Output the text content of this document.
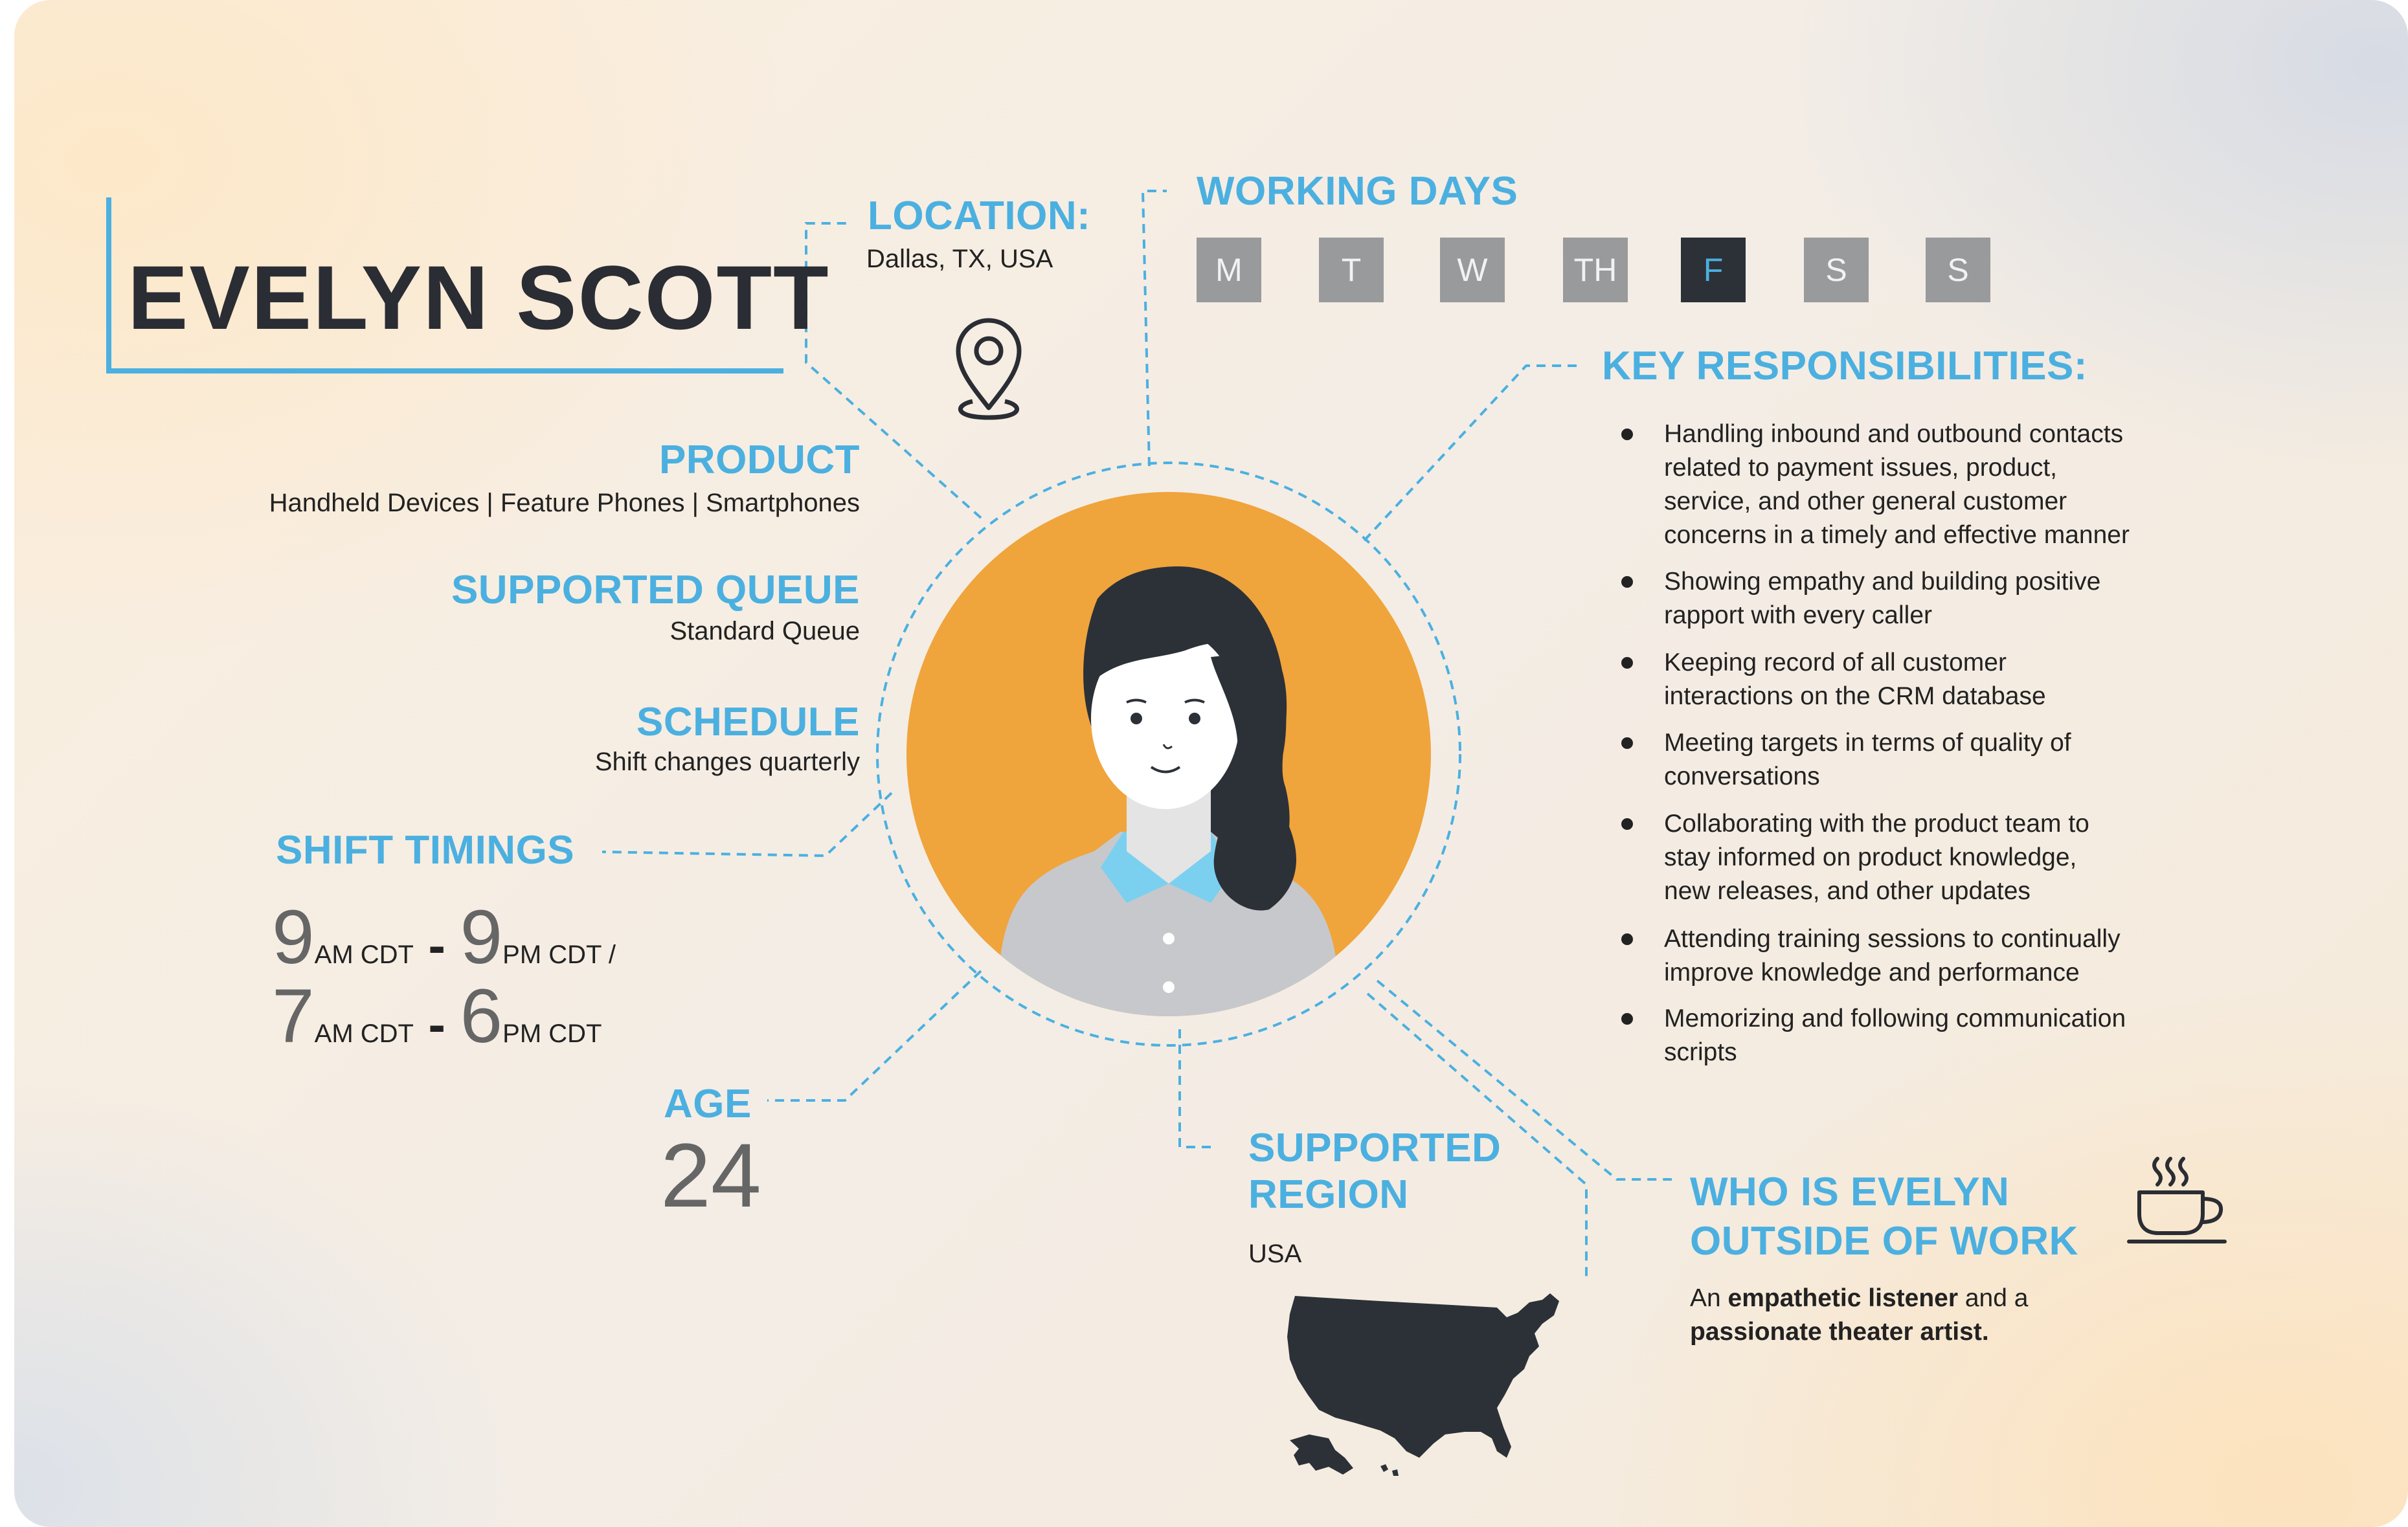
EVELYN SCOTT
LOCATION:
Dallas, TX, USA
WORKING DAYS
M	T	W	TH	F	S	S
PRODUCT
Handheld Devices | Feature Phones | Smartphones
SUPPORTED QUEUE
Standard Queue
SCHEDULE
Shift changes quarterly
SHIFT TIMINGS
9AM CDT - 9PM CDT /
7AM CDT - 6PM CDT
AGE
24
KEY RESPONSIBILITIES:
Handling inbound and outbound contacts
related to payment issues, product,
service, and other general customer
concerns in a timely and effective manner
Showing empathy and building positive
rapport with every caller
Keeping record of all customer
interactions on the CRM database
Meeting targets in terms of quality of
conversations
Collaborating with the product team to
stay informed on product knowledge,
new releases, and other updates
Attending training sessions to continually
improve knowledge and performance
Memorizing and following communication
scripts
SUPPORTED
REGION
USA
WHO IS EVELYN
OUTSIDE OF WORK
An empathetic listener and a
passionate theater artist.
